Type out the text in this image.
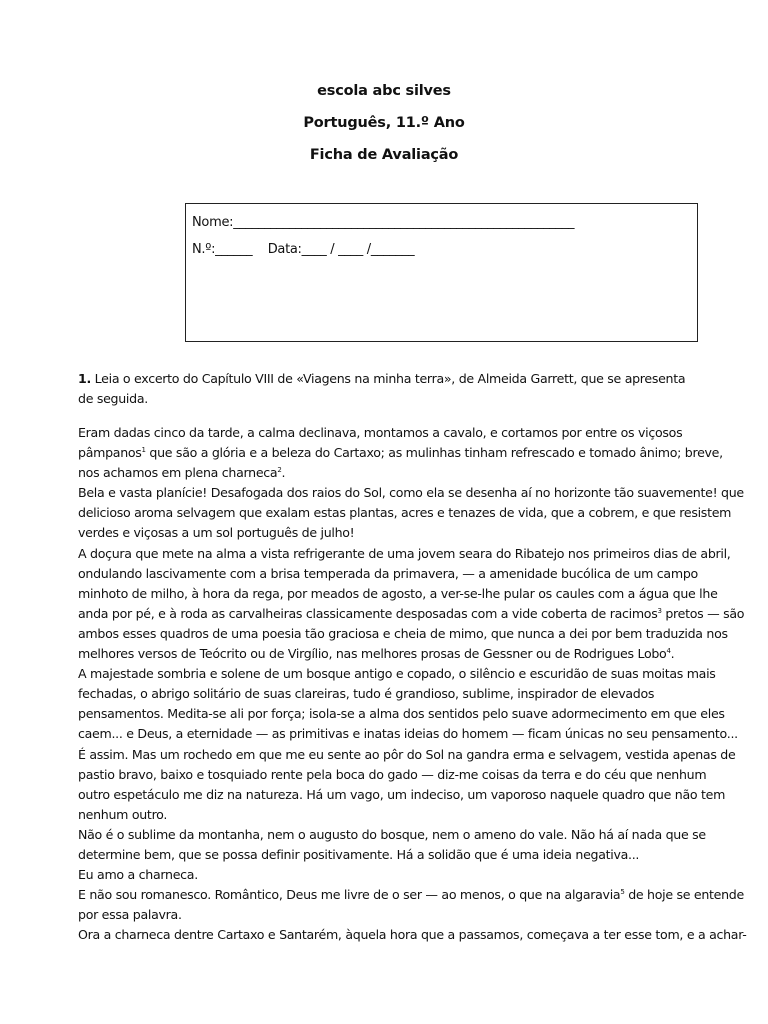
escola abc silves
Português, 11.º Ano
Ficha de Avaliação
Nome:_______________________________________________________
N.º:______    Data:____ / ____ /_______
1. Leia o excerto do Capítulo VIII de «Viagens na minha terra», de Almeida Garrett, que se apresenta de seguida.
Eram dadas cinco da tarde, a calma declinava, montamos a cavalo, e cortamos por entre os viçosos
pâmpanos$^1$ que são a glória e a beleza do Cartaxo; as mulinhas tinham refrescado e tomado ânimo; breve,
nos achamos em plena charneca$^2$.
Bela e vasta planície! Desafogada dos raios do Sol, como ela se desenha aí no horizonte tão suavemente! que
delicioso aroma selvagem que exalam estas plantas, acres e tenazes de vida, que a cobrem, e que resistem
verdes e viçosas a um sol português de julho!
A doçura que mete na alma a vista refrigerante de uma jovem seara do Ribatejo nos primeiros dias de abril,
ondulando lascivamente com a brisa temperada da primavera, — a amenidade bucólica de um campo
minhoto de milho, à hora da rega, por meados de agosto, a ver-se-lhe pular os caules com a água que lhe
anda por pé, e à roda as carvalheiras classicamente desposadas com a vide coberta de racimos$^3$ pretos — são
ambos esses quadros de uma poesia tão graciosa e cheia de mimo, que nunca a dei por bem traduzida nos
melhores versos de Teócrito ou de Virgílio, nas melhores prosas de Gessner ou de Rodrigues Lobo$^4$.
A majestade sombria e solene de um bosque antigo e copado, o silêncio e escuridão de suas moitas mais
fechadas, o abrigo solitário de suas clareiras, tudo é grandioso, sublime, inspirador de elevados
pensamentos. Medita-se ali por força; isola-se a alma dos sentidos pelo suave adormecimento em que eles
caem... e Deus, a eternidade — as primitivas e inatas ideias do homem — ficam únicas no seu pensamento...
É assim. Mas um rochedo em que me eu sente ao pôr do Sol na gandra erma e selvagem, vestida apenas de
pastio bravo, baixo e tosquiado rente pela boca do gado — diz-me coisas da terra e do céu que nenhum
outro espetáculo me diz na natureza. Há um vago, um indeciso, um vaporoso naquele quadro que não tem
nenhum outro.
Não é o sublime da montanha, nem o augusto do bosque, nem o ameno do vale. Não há aí nada que se
determine bem, que se possa definir positivamente. Há a solidão que é uma ideia negativa...
Eu amo a charneca.
E não sou romanesco. Romântico, Deus me livre de o ser — ao menos, o que na algaravia$^5$ de hoje se entende
por essa palavra.
Ora a charneca dentre Cartaxo e Santarém, àquela hora que a passamos, começava a ter esse tom, e a achar-
